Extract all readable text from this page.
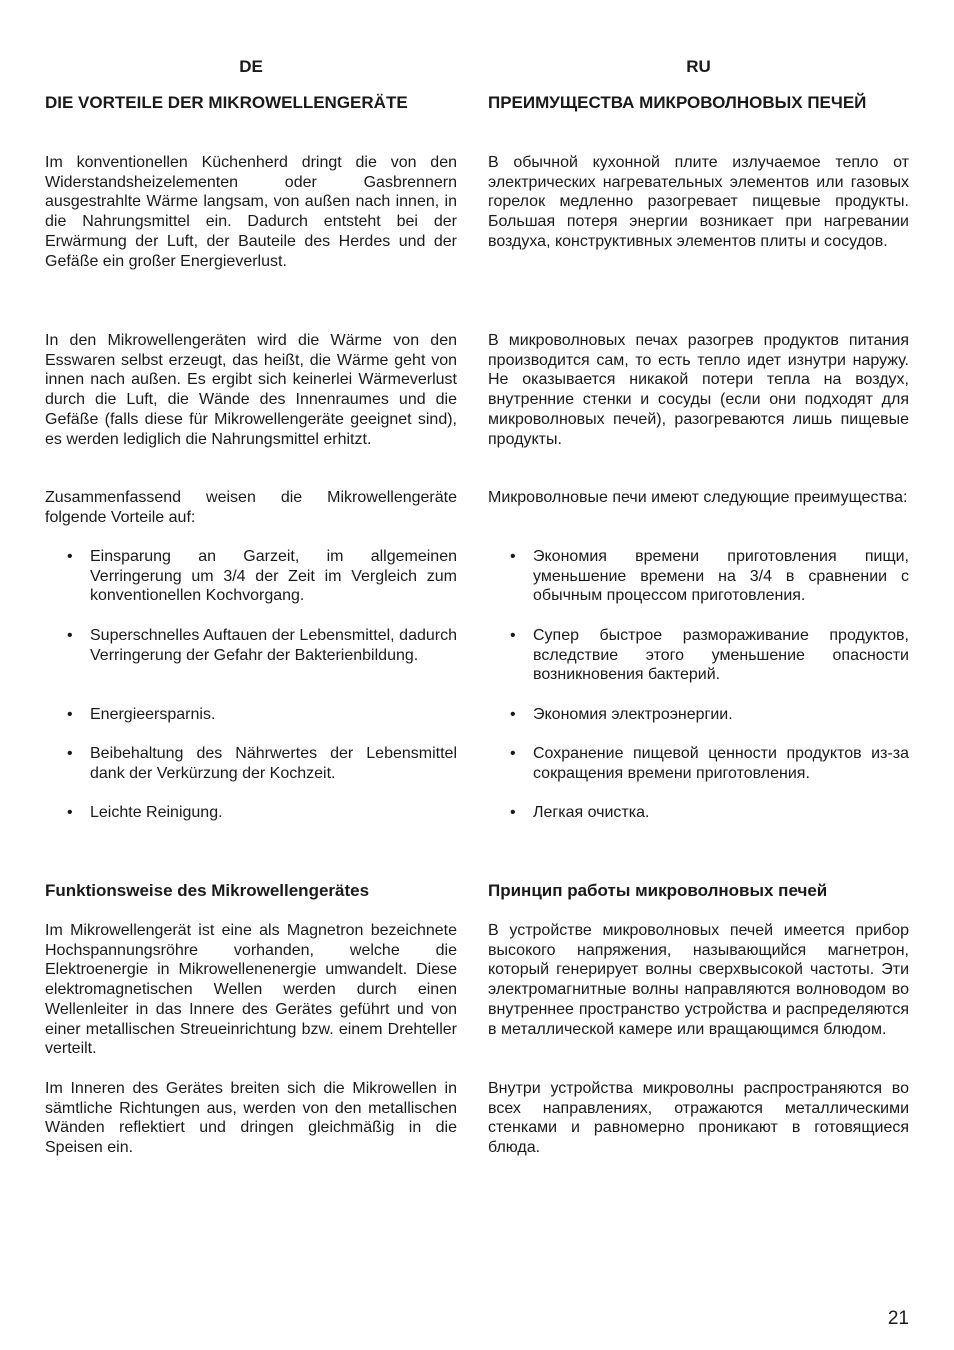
DE
DIE VORTEILE DER MIKROWELLENGERÄTE
Im konventionellen Küchenherd dringt die von den Widerstandsheizelementen oder Gasbrennern ausgestrahlte Wärme langsam, von außen nach innen, in die Nahrungsmittel ein. Dadurch entsteht bei der Erwärmung der Luft, der Bauteile des Herdes und der Gefäße ein großer Energieverlust.
In den Mikrowellengeräten wird die Wärme von den Esswaren selbst erzeugt, das heißt, die Wärme geht von innen nach außen. Es ergibt sich keinerlei Wärmeverlust durch die Luft, die Wände des Innenraumes und die Gefäße (falls diese für Mikrowellengeräte geeignet sind), es werden lediglich die Nahrungsmittel erhitzt.
Zusammenfassend weisen die Mikrowellengeräte folgende Vorteile auf:
• Einsparung an Garzeit, im allgemeinen Verringerung um 3/4 der Zeit im Vergleich zum konventionellen Kochvorgang.
• Superschnelles Auftauen der Lebensmittel, dadurch Verringerung der Gefahr der Bakterienbildung.
• Energieersparnis.
• Beibehaltung des Nährwertes der Lebensmittel dank der Verkürzung der Kochzeit.
• Leichte Reinigung.
Funktionsweise des Mikrowellengerätes
Im Mikrowellengerät ist eine als Magnetron bezeichnete Hochspannungsröhre vorhanden, welche die Elektroenergie in Mikrowellenenergie umwandelt. Diese elektromagnetischen Wellen werden durch einen Wellenleiter in das Innere des Gerätes geführt und von einer metallischen Streueinrichtung bzw. einem Drehteller verteilt.
Im Inneren des Gerätes breiten sich die Mikrowellen in sämtliche Richtungen aus, werden von den metallischen Wänden reflektiert und dringen gleichmäßig in die Speisen ein.
RU
ПРЕИМУЩЕСТВА МИКРОВОЛНОВЫХ ПЕЧЕЙ
В обычной кухонной плите излучаемое тепло от электрических нагревательных элементов или газовых горелок медленно разогревает пищевые продукты. Большая потеря энергии возникает при нагревании воздуха, конструктивных элементов плиты и сосудов.
В микроволновых печах разогрев продуктов питания производится сам, то есть тепло идет изнутри наружу. Не оказывается никакой потери тепла на воздух, внутренние стенки и сосуды (если они подходят для микроволновых печей), разогреваются лишь пищевые продукты.
Микроволновые печи имеют следующие преимущества:
• Экономия времени приготовления пищи, уменьшение времени на 3/4 в сравнении с обычным процессом приготовления.
• Супер быстрое размораживание продуктов, вследствие этого уменьшение опасности возникновения бактерий.
• Экономия электроэнергии.
• Сохранение пищевой ценности продуктов из-за сокращения времени приготовления.
• Легкая очистка.
Принцип работы микроволновых печей
В устройстве микроволновых печей имеется прибор высокого напряжения, называющийся магнетрон, который генерирует волны сверхвысокой частоты. Эти электромагнитные волны направляются волноводом во внутреннее пространство устройства и распределяются в металлической камере или вращающимся блюдом.
Внутри устройства микроволны распространяются во всех направлениях, отражаются металлическими стенками и равномерно проникают в готовящиеся блюда.
21
